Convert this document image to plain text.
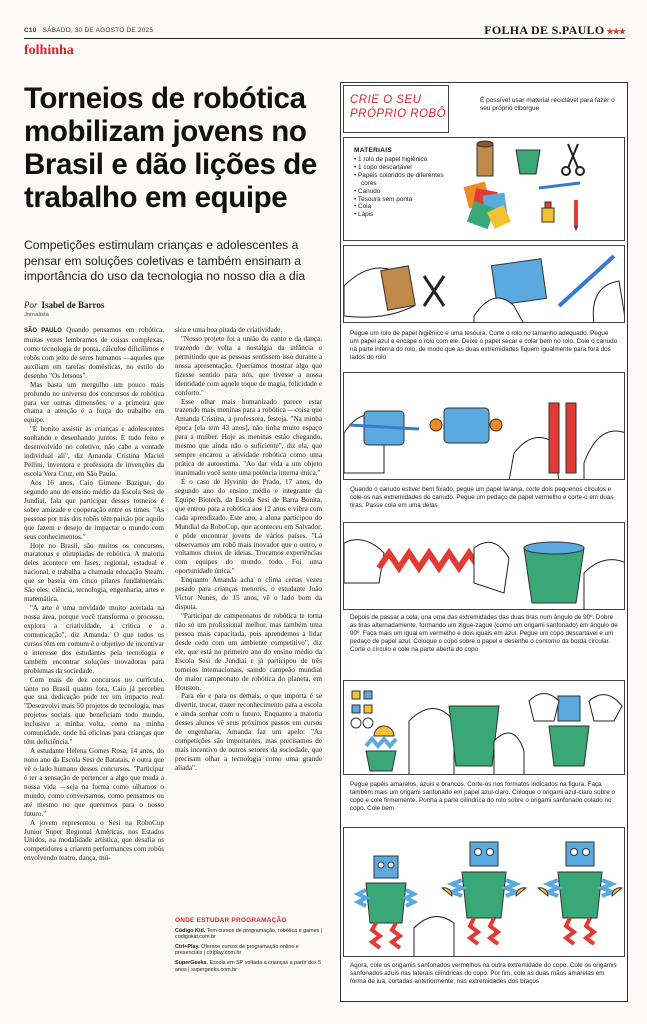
C10 SÁBADO, 30 DE AGOSTO DE 2025	FOLHA DE S.PAULO ★★★
folhinha
Torneios de robótica mobilizam jovens no Brasil e dão lições de trabalho em equipe
Competições estimulam crianças e adolescentes a pensar em soluções coletivas e também ensinam a importância do uso da tecnologia no nosso dia a dia
Por Isabel de Barros
Jornalista

SÃO PAULO Quando pensamos em robótica, muitas vezes lembramos de coisas complexas, como tecnologia de ponta, cálculos dificílimos e robôs com jeito de seres humanos —aqueles que auxiliam em tarefas domésticas, no estilo do desenho "Os Jetsons".

Mas basta um mergulho um pouco mais profundo no universo dos concursos de robótica para ver outras dimensões, e a primeira que chama a atenção é a força do trabalho em equipe.

"É bonito assistir às crianças e adolescentes sonhando e desenhando juntos. É tudo feito e desenvolvido no coletivo, não cabe a vontade individual ali", diz Amanda Cristina Maciel Pellini, inventora e professora de invenções da escola Vera Cruz, em São Paulo.

Aos 16 anos, Caio Gimene Bazigue, do segundo ano do ensino médio da Escola Sesi de Jundiaí, fala que participar desses torneios é sobre amizade e cooperação entre os times. "As pessoas por trás dos robôs têm paixão por aquilo que fazem e desejo de impactar o mundo com seus conhecimentos."

Hoje no Brasil, são muitos os concursos, maratonas e olimpíadas de robótica. A maioria deles acontece em fases, regional, estadual e nacional, e trabalha a chamada educação Steam, que se baseia em cinco pilares fundamentais. São eles: ciência, tecnologia, engenharia, artes e matemática.

"A arte é uma novidade muito acertada na nossa área, porque você transforma o processo, explora a criatividade, a crítica e a comunicação", diz Amanda. O que todos os cursos têm em comum é o objetivo de incentivar o interesse dos estudantes pela tecnologia e também encontrar soluções inovadoras para problemas da sociedade.

Com mais de dez concursos no currículo, tanto no Brasil quanto fora, Caio já percebeu que sua dedicação pode ter um impacto real. "Desenvolvi mais 50 projetos de tecnologia, mas projetos sociais que beneficiam todo mundo, inclusive a minha volta, como na minha comunidade, onde há oficinas para crianças que têm deficiência."

A estudante Helena Gomes Rosa, 14 anos, do nono ano da Escola Sesi de Batatais, é outra que vê o lado humano desses concursos. "Participar é ter a sensação de pertencer a algo que muda a nossa vida —seja na forma como olhamos o mundo, como conversamos, como pensamos ou até mesmo no que queremos para o nosso futuro."

A jovem representou o Sesi na RoboCup Junior Super Regional Américas, nos Estados Unidos, na modalidade artística, que desafia os competidores a criarem performances com robôs envolvendo teatro, dança, mú-

sica e uma boa pitada de criatividade.

"Nosso projeto foi a união do canto e da dança, trazendo de volta a nostalgia da infância e permitindo que as pessoas sentissem isso durante a nossa apresentação. Queríamos mostrar algo que fizesse sentido para nós, que tivesse a nossa identidade com aquele toque de magia, felicidade e conforto."

Esse olhar mais humanizado parece estar trazendo mais meninas para a robótica —coisa que Amanda Cristina, a professora, festeja. "Na minha época [ela tem 43 anos], não tinha muito espaço para a mulher. Hoje as meninas estão chegando, mesmo que ainda não o suficiente", diz ela, que sempre encarou a atividade robótica como uma prática de autoestima. "Ao dar vida a um objeto inanimado você sente uma potência interna única."

É o caso de Hyvinin do Prado, 17 anos, do segundo ano do ensino médio e integrante da Equipe Biotech, da Escola Sesi de Barra Bonita, que entrou para a robótica aos 12 anos e vibra com cada aprendizado. Este ano, a aluna participou do Mundial da RoboCup, que aconteceu em Salvador, e pôde encontrar jovens de vários países. "Lá observamos um robô mais inovador que o outro, e voltamos cheios de ideias. Trocamos experiências com equipes do mundo todo. Foi uma oportunidade única."

Enquanto Amanda acha o clima certas vezes pesado para crianças menores, o estudante João Victor Nunes, de 15 anos, vê o lado bom da disputa.

"Participar de campeonatos de robótica te torna não só um profissional melhor, mas também uma pessoa mais capacitada, pois aprendemos a lidar desde cedo com um ambiente competitivo", diz ele, que está no primeiro ano do ensino médio da Escola Sesi de Jundiaí e já participou de três torneios internacionais, saindo campeão mundial do maior campeonato de robótica do planeta, em Houston.

Para ele e para os demais, o que importa é se divertir, trocar, trazer reconhecimento para a escola e ainda sonhar com o futuro. Enquanto a maioria desses alunos vê seus próximos passos em cursos de engenharia, Amanda faz um apelo: "As competições são importantes, mas precisamos de mais incentivo de outros setores da sociedade, que precisam olhar a tecnologia como uma grande aliada".

ONDE ESTUDAR PROGRAMAÇÃO

Código Kid. Tem cursos de programação, robótica e games | codigokid.com.br

Ctrl+Play. Oferece cursos de programação online e presenciais | ctrlplay.com.br

SuperGeeks. Escola em SP voltada a crianças a partir dos 5 anos | supergeeks.com.br

CRIE O SEU
PRÓPRIO ROBÔ
É possível usar material reciclável para fazer o seu próprio ciborgue
MATERIAIS
• 1 rolo de papel higiênico
• 1 copo descartável
• Papéis coloridos de diferentes cores
• Canudo
• Tesoura sem ponta
• Cola
• Lápis
Pegue um rolo de papel higiênico e uma tesoura. Corte o rolo no tamanho adequado. Pegue um papel azul e encape o rolo com ele. Deixe o papel secar e colar bem no rolo. Cole o canudo na parte interna do rolo, de modo que as duas extremidades fiquem igualmente para fora dos lados do rolo
Quando o canudo estiver bem fixado, pegue um papel laranja, corte dois pequenos círculos e cole-os nas extremidades do canudo. Pegue um pedaço de papel vermelho e corte-o em duas tiras. Passe cola em uma delas
Depois de passar a cola, una uma das extremidades das duas tiras num ângulo de 90º. Dobre as tiras alternadamente, formando um zigue-zague (como um origami sanfonado) em ângulo de 90º. Faça mais um igual em vermelho e dois iguais em azul. Pegue um copo descartável e um pedaço de papel azul. Coloque o copo sobre o papel e desenhe o contorno da borda circular. Corte o círculo e cole na parte aberta do copo
Pegue papéis amarelos, azuis e brancos. Corte-os nos formatos indicados na figura. Faça também mais um origami sanfonado em papel azul-claro. Coloque o origami azul-claro sobre o copo e cole firmemente. Ponha a parte cilíndrica do rolo sobre o origami sanfonado colado no copo. Cole bem
Agora, cole os origamis sanfonados vermelhos na outra extremidade do copo. Cole os origamis sanfonados azuis nas laterais cilíndricas do copo. Por fim, cole as duas mãos amarelas em forma de lua, cortadas anteriormente, nas extremidades dos braços
